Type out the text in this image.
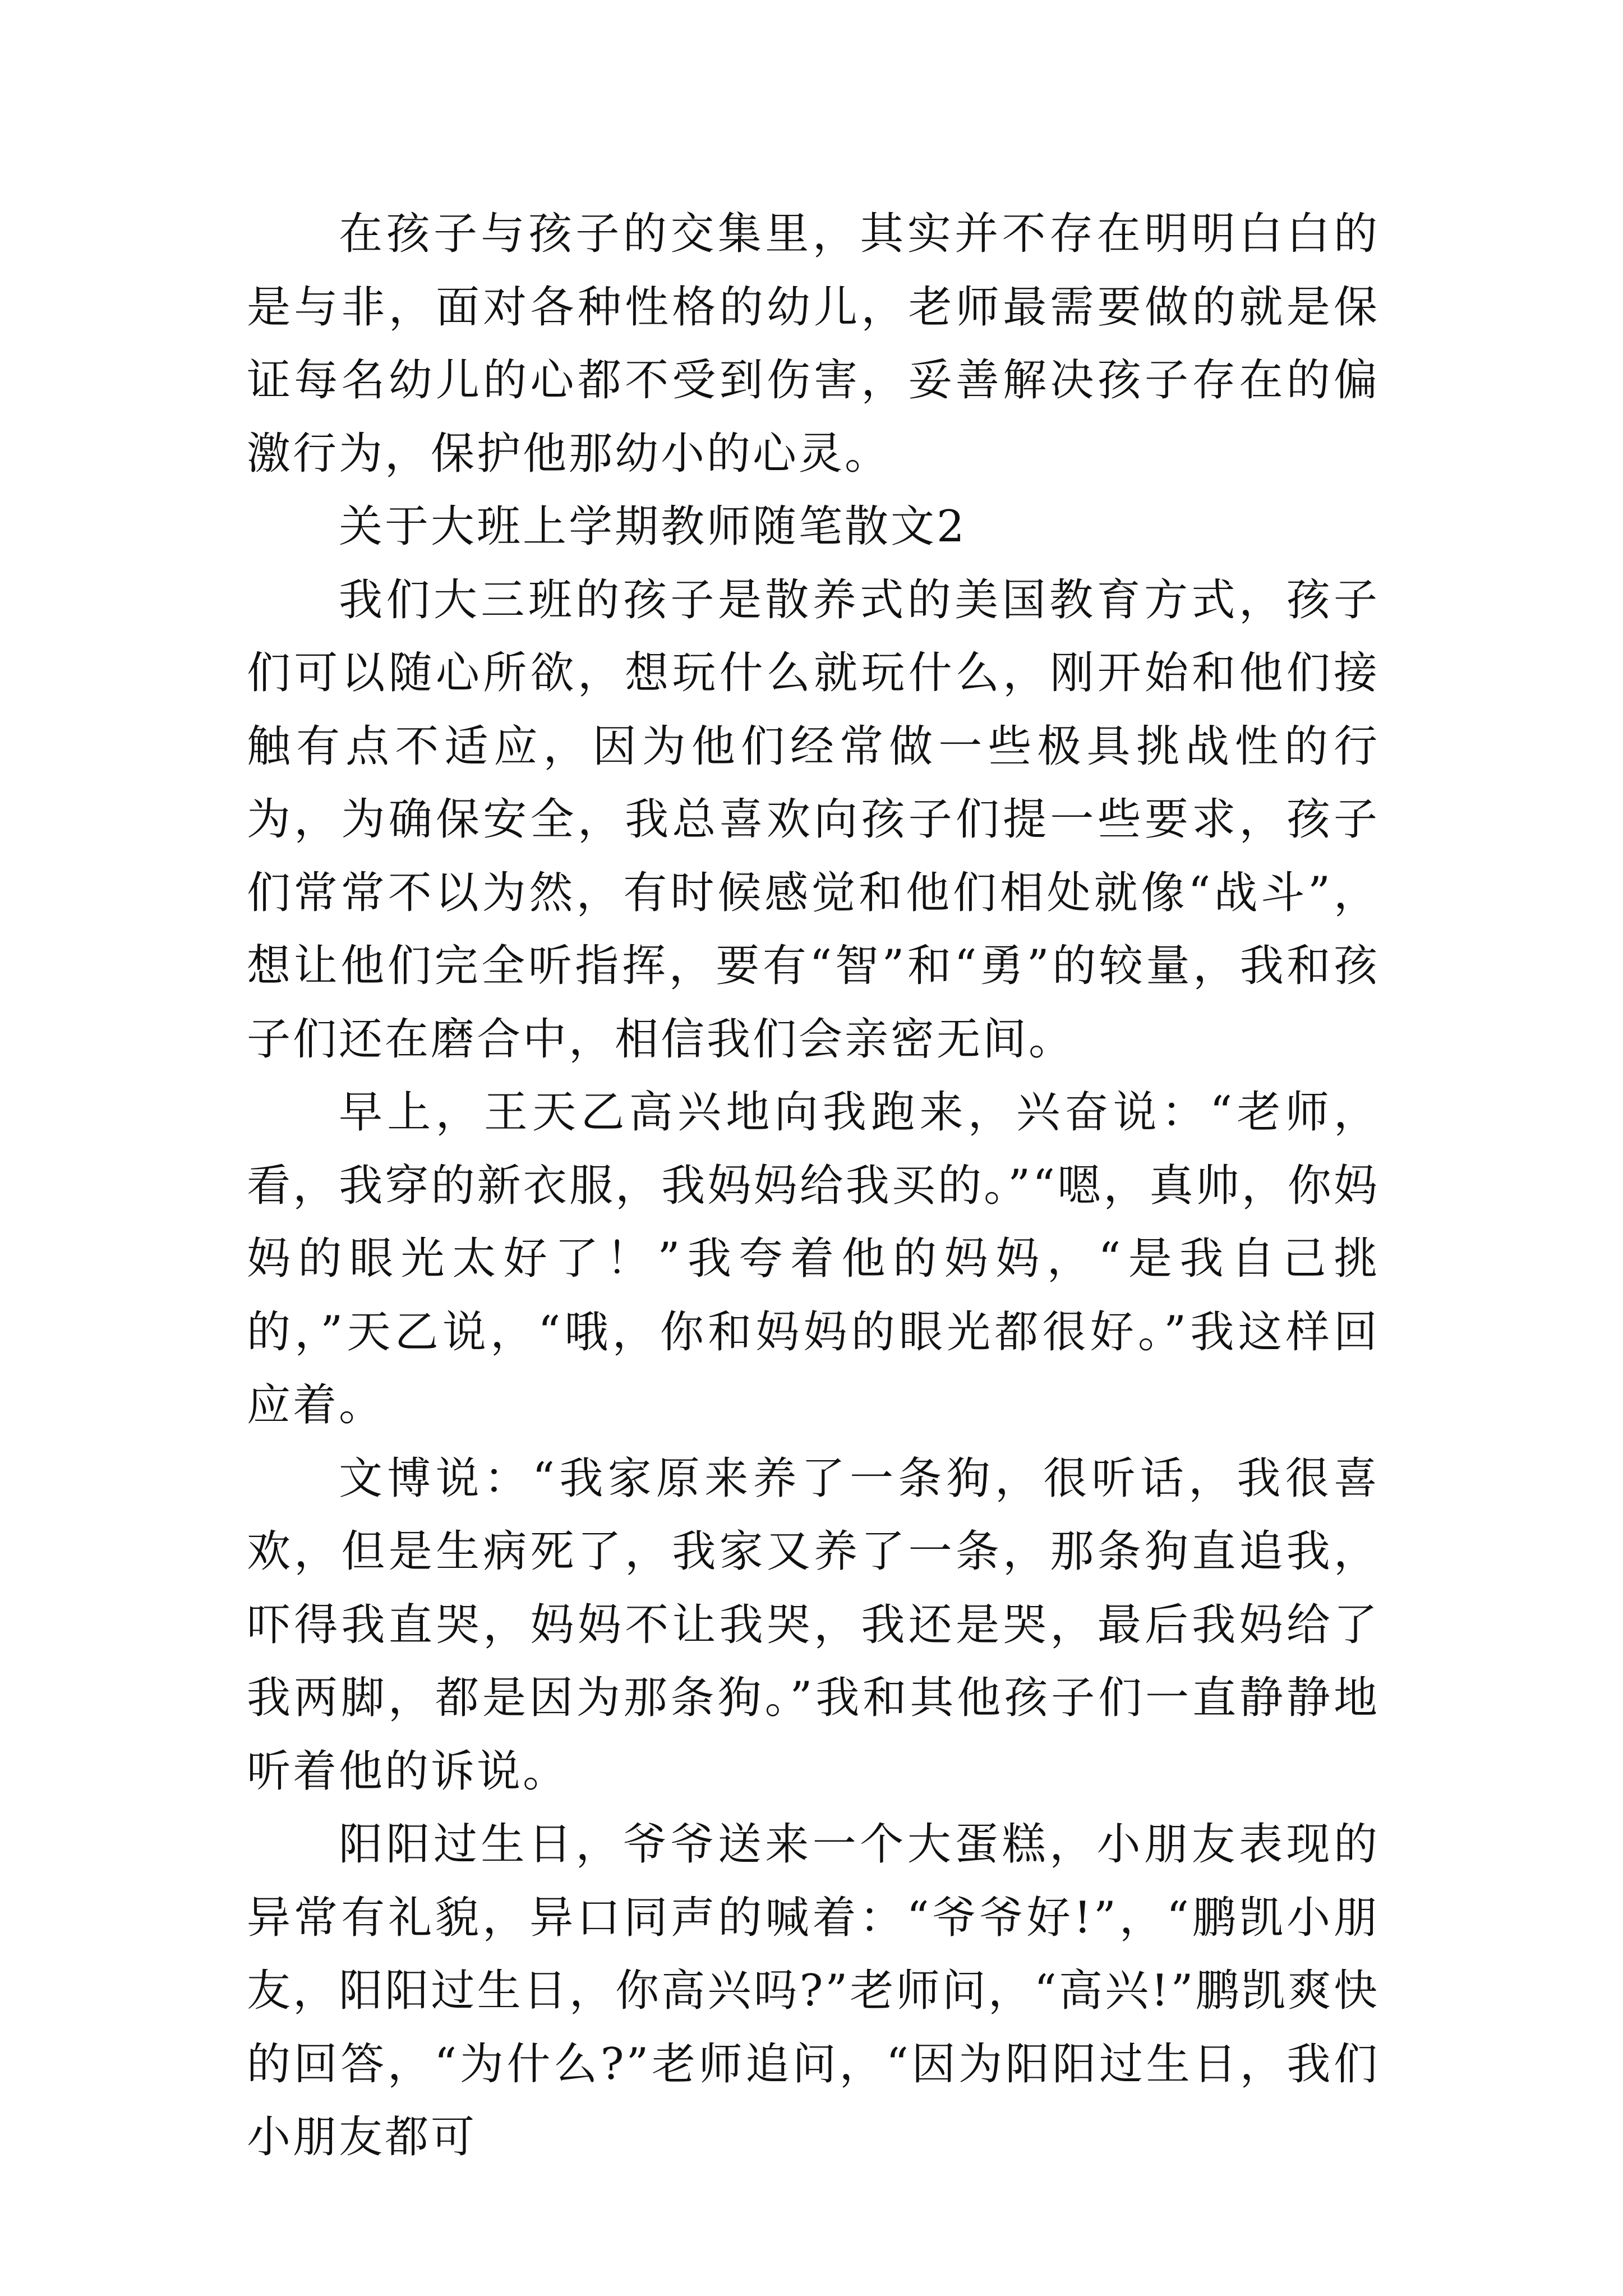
在孩子与孩子的交集里，其实并不存在明明白白的是与非，面对各种性格的幼儿，老师最需要做的就是保证每名幼儿的心都不受到伤害，妥善解决孩子存在的偏激行为，保护他那幼小的心灵。

关于大班上学期教师随笔散文2

我们大三班的孩子是散养式的美国教育方式，孩子们可以随心所欲，想玩什么就玩什么，刚开始和他们接触有点不适应，因为他们经常做一些极具挑战性的行为，为确保安全，我总喜欢向孩子们提一些要求，孩子们常常不以为然，有时候感觉和他们相处就像“战斗”，想让他们完全听指挥，要有“智”和“勇”的较量，我和孩子们还在磨合中，相信我们会亲密无间。

早上，王天乙高兴地向我跑来，兴奋说：“老师，看，我穿的新衣服，我妈妈给我买的。”“嗯，真帅，你妈妈的眼光太好了！”我夸着他的妈妈，“是我自己挑的，”天乙说，“哦，你和妈妈的眼光都很好。”我这样回应着。

文博说：“我家原来养了一条狗，很听话，我很喜欢，但是生病死了，我家又养了一条，那条狗直追我，吓得我直哭，妈妈不让我哭，我还是哭，最后我妈给了我两脚，都是因为那条狗。”我和其他孩子们一直静静地听着他的诉说。

阳阳过生日，爷爷送来一个大蛋糕，小朋友表现的异常有礼貌，异口同声的喊着：“爷爷好!”，“鹏凯小朋友，阳阳过生日，你高兴吗?”老师问，“高兴!”鹏凯爽快的回答，“为什么?”老师追问，“因为阳阳过生日，我们小朋友都可
